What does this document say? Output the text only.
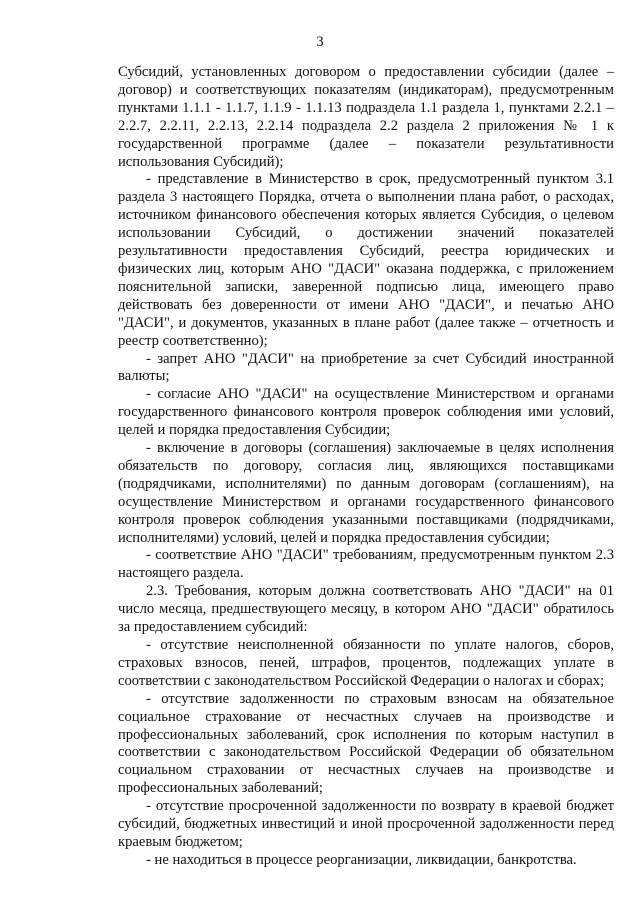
3

Субсидий, установленных договором о предоставлении субсидии (далее – договор) и соответствующих показателям (индикаторам), предусмотренным пунктами 1.1.1 - 1.1.7, 1.1.9 - 1.1.13 подраздела 1.1 раздела 1, пунктами 2.2.1 – 2.2.7, 2.2.11, 2.2.13, 2.2.14 подраздела 2.2 раздела 2 приложения № 1 к государственной программе (далее – показатели результативности использования Субсидий);

- представление в Министерство в срок, предусмотренный пунктом 3.1 раздела 3 настоящего Порядка, отчета о выполнении плана работ, о расходах, источником финансового обеспечения которых является Субсидия, о целевом использовании Субсидий, о достижении значений показателей результативности предоставления Субсидий, реестра юридических и физических лиц, которым АНО "ДАСИ" оказана поддержка, с приложением пояснительной записки, заверенной подписью лица, имеющего право действовать без доверенности от имени АНО "ДАСИ", и печатью АНО "ДАСИ", и документов, указанных в плане работ (далее также – отчетность и реестр соответственно);

- запрет АНО "ДАСИ" на приобретение за счет Субсидий иностранной валюты;

- согласие АНО "ДАСИ" на осуществление Министерством и органами государственного финансового контроля проверок соблюдения ими условий, целей и порядка предоставления Субсидии;

- включение в договоры (соглашения) заключаемые в целях исполнения обязательств по договору, согласия лиц, являющихся поставщиками (подрядчиками, исполнителями) по данным договорам (соглашениям), на осуществление Министерством и органами государственного финансового контроля проверок соблюдения указанными поставщиками (подрядчиками, исполнителями) условий, целей и порядка предоставления субсидии;

- соответствие АНО "ДАСИ" требованиям, предусмотренным пунктом 2.3 настоящего раздела.

2.3. Требования, которым должна соответствовать АНО "ДАСИ" на 01 число месяца, предшествующего месяцу, в котором АНО "ДАСИ" обратилось за предоставлением субсидий:

- отсутствие неисполненной обязанности по уплате налогов, сборов, страховых взносов, пеней, штрафов, процентов, подлежащих уплате в соответствии с законодательством Российской Федерации о налогах и сборах;

- отсутствие задолженности по страховым взносам на обязательное социальное страхование от несчастных случаев на производстве и профессиональных заболеваний, срок исполнения по которым наступил в соответствии с законодательством Российской Федерации об обязательном социальном страховании от несчастных случаев на производстве и профессиональных заболеваний;

- отсутствие просроченной задолженности по возврату в краевой бюджет субсидий, бюджетных инвестиций и иной просроченной задолженности перед краевым бюджетом;

- не находиться в процессе реорганизации, ликвидации, банкротства.
